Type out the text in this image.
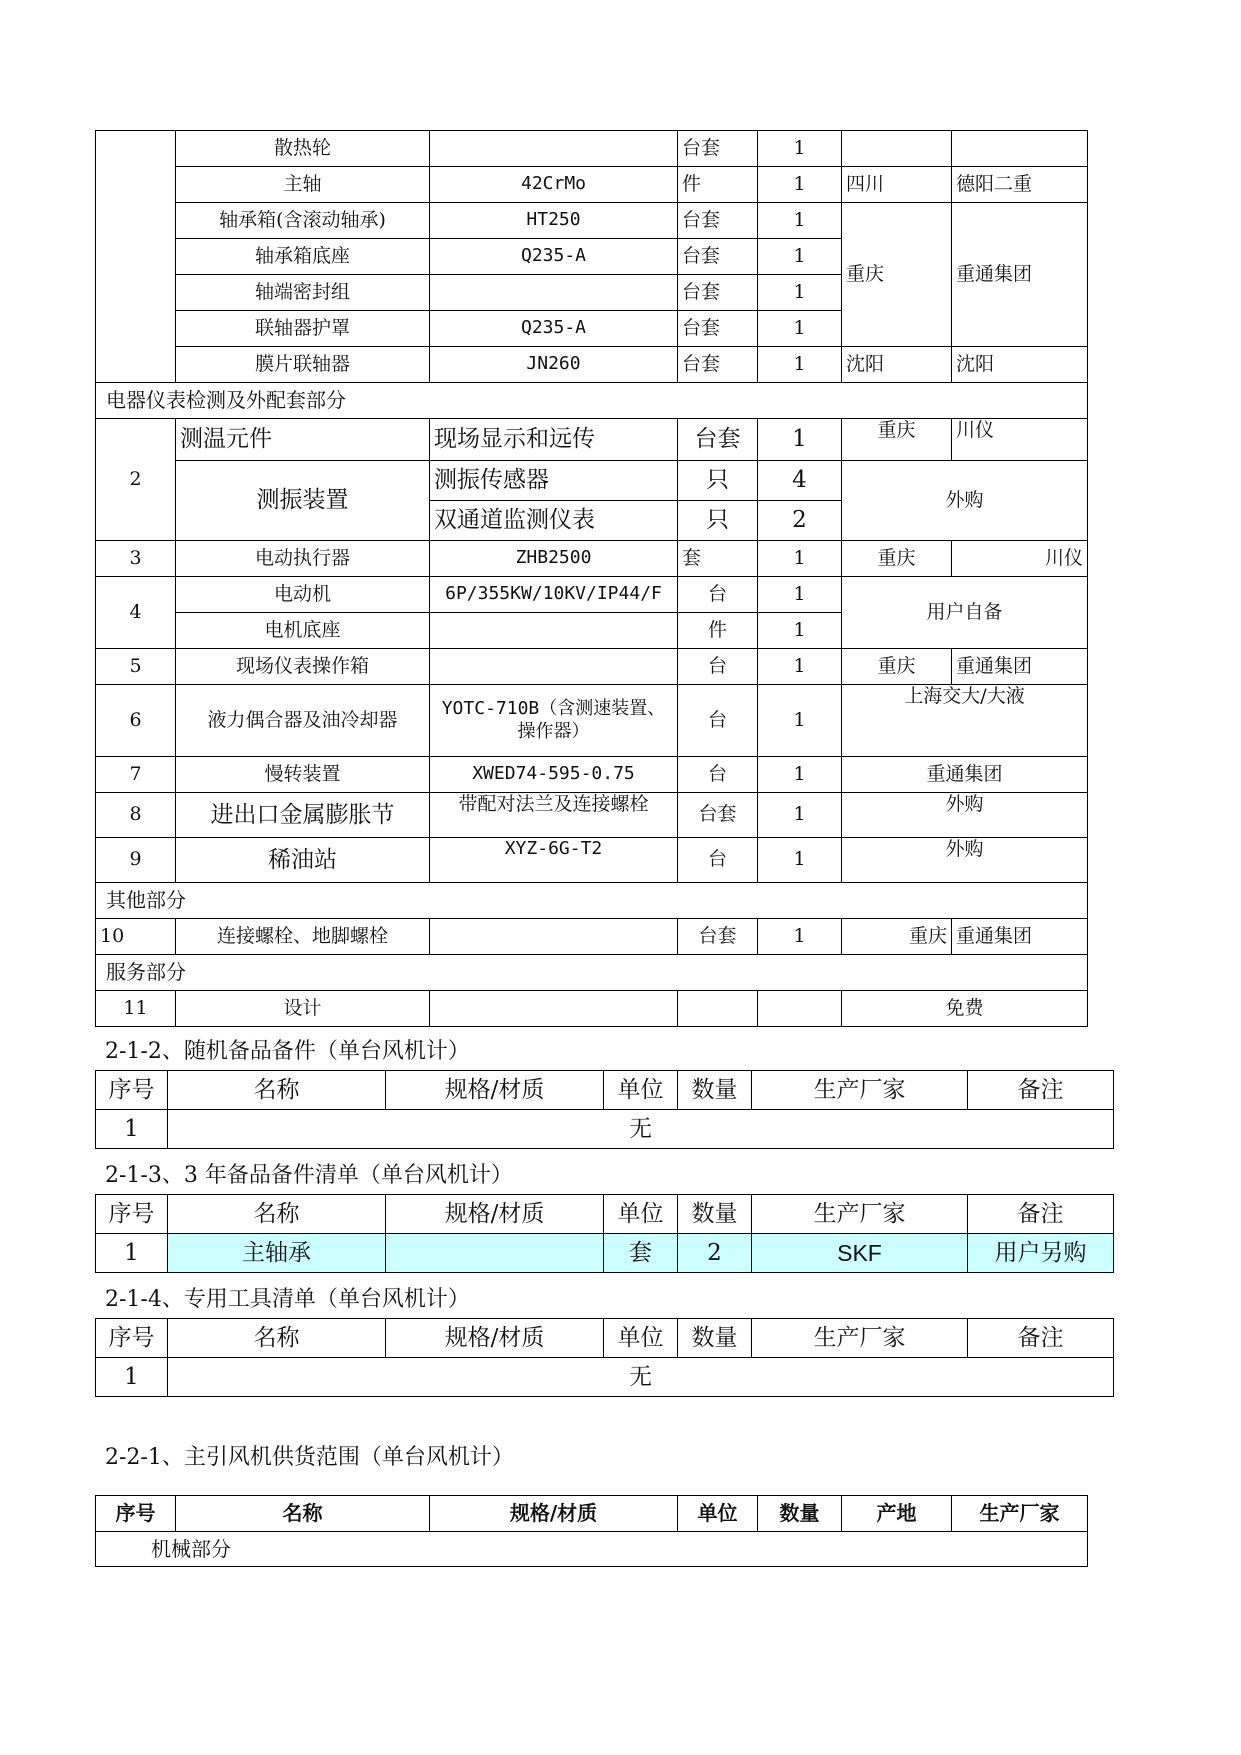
	散热轮		台套	1		
	主轴	42CrMo	件	1	四川	德阳二重
	轴承箱(含滚动轴承)	HT250	台套	1	重庆	重通集团
	轴承箱底座	Q235-A	台套	1		
	轴端密封组		台套	1		
	联轴器护罩	Q235-A	台套	1		
	膜片联轴器	JN260	台套	1	沈阳	沈阳
电器仪表检测及外配套部分						
2	测温元件	现场显示和远传	台套	1	重庆	川仪
	测振装置	测振传感器	只	4	外购	
		双通道监测仪表	只	2		
3	电动执行器	ZHB2500	套	1	重庆	川仪
4	电动机	6P/355KW/10KV/IP44/F	台	1	用户自备	
	电机底座		件	1		
5	现场仪表操作箱		台	1	重庆	重通集团
6	液力偶合器及油冷却器	YOTC-710B（含测速装置、操作器）	台	1	上海交大/大液	
7	慢转装置	XWED74-595-0.75	台	1	重通集团	
8	进出口金属膨胀节	带配对法兰及连接螺栓	台套	1	外购	
9	稀油站	XYZ-6G-T2	台	1	外购	
其他部分						
10	连接螺栓、地脚螺栓		台套	1	重庆	重通集团
服务部分						
11	设计				免费	
2-1-2、随机备品备件（单台风机计）
序号	名称	规格/材质	单位	数量	生产厂家	备注
1	无					
2-1-3、3 年备品备件清单（单台风机计）
序号	名称	规格/材质	单位	数量	生产厂家	备注
1	主轴承		套	2	SKF	用户另购
2-1-4、专用工具清单（单台风机计）
序号	名称	规格/材质	单位	数量	生产厂家	备注
1	无					
2-2-1、主引风机供货范围（单台风机计）
序号	名称	规格/材质	单位	数量	产地	生产厂家
机械部分
